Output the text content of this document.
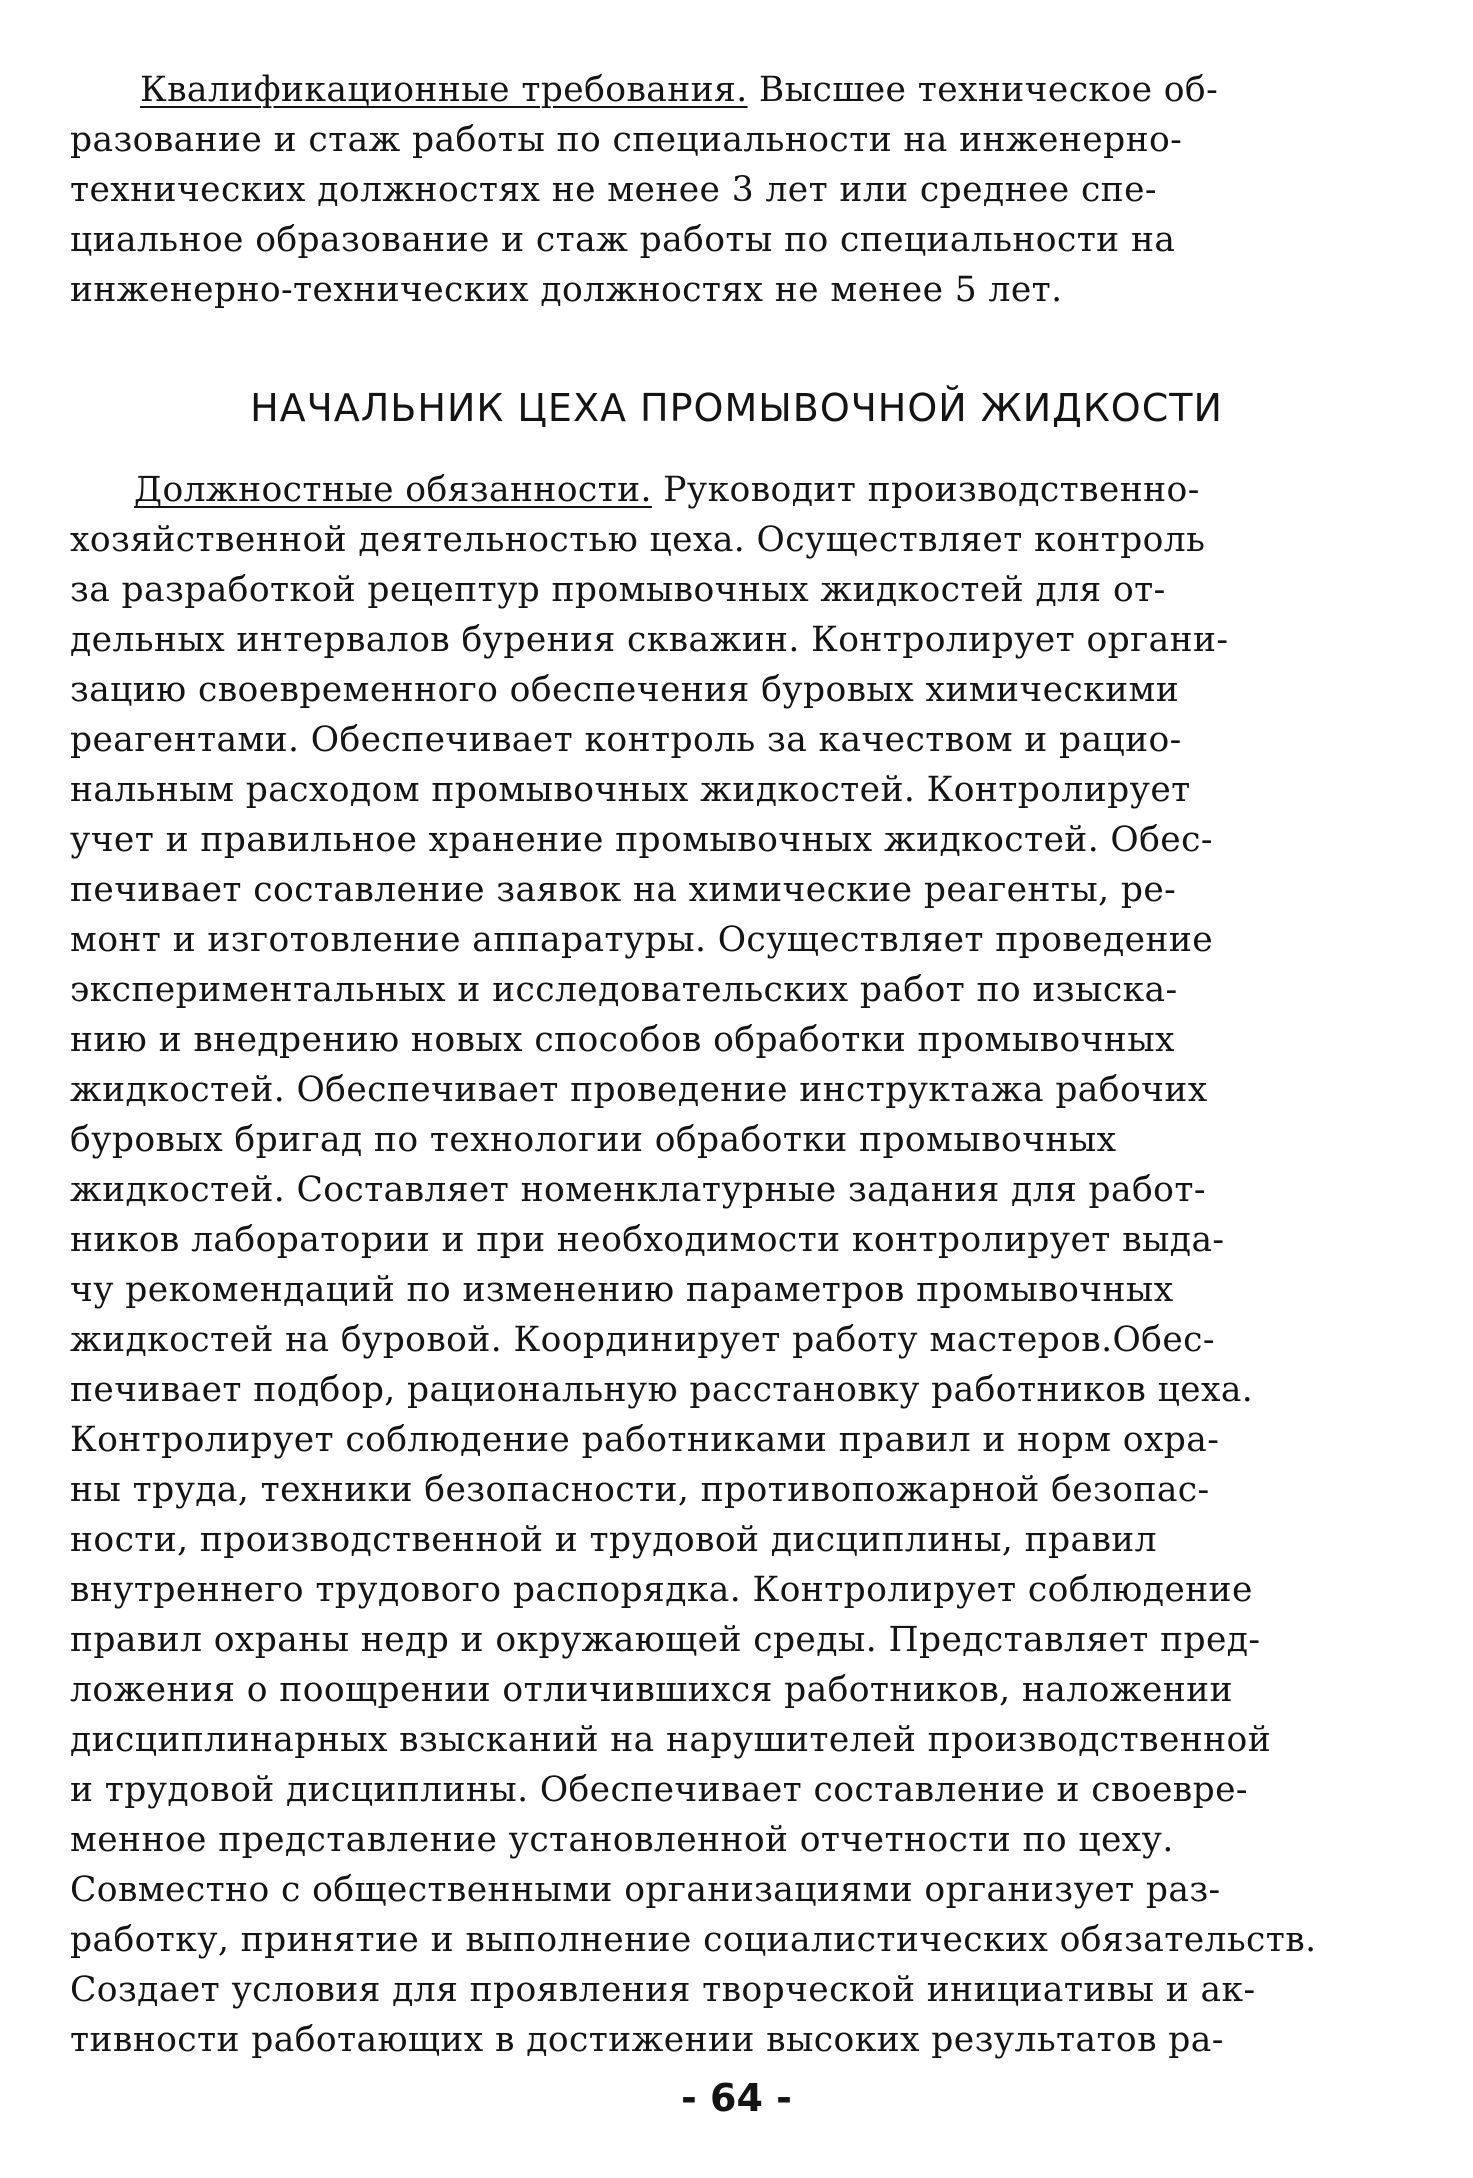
Квалификационные требования. Высшее техническое об-
разование и стаж работы по специальности на инженерно-
технических должностях не менее 3 лет или среднее спе-
циальное образование и стаж работы по специальности на
инженерно-технических должностях не менее 5 лет.
НАЧАЛЬНИК ЦЕХА ПРОМЫВОЧНОЙ ЖИДКОСТИ
Должностные обязанности. Руководит производственно-
хозяйственной деятельностью цеха. Осуществляет контроль
за разработкой рецептур промывочных жидкостей для от-
дельных интервалов бурения скважин. Контролирует органи-
зацию своевременного обеспечения буровых химическими
реагентами. Обеспечивает контроль за качеством и рацио-
нальным расходом промывочных жидкостей. Контролирует
учет и правильное хранение промывочных жидкостей. Обес-
печивает составление заявок на химические реагенты, ре-
монт и изготовление аппаратуры. Осуществляет проведение
экспериментальных и исследовательских работ по изыска-
нию и внедрению новых способов обработки промывочных
жидкостей. Обеспечивает проведение инструктажа рабочих
буровых бригад по технологии обработки промывочных
жидкостей. Составляет номенклатурные задания для работ-
ников лаборатории и при необходимости контролирует выда-
чу рекомендаций по изменению параметров промывочных
жидкостей на буровой. Координирует работу мастеров.Обес-
печивает подбор, рациональную расстановку работников цеха.
Контролирует соблюдение работниками правил и норм охра-
ны труда, техники безопасности, противопожарной безопас-
ности, производственной и трудовой дисциплины, правил
внутреннего трудового распорядка. Контролирует соблюдение
правил охраны недр и окружающей среды. Представляет пред-
ложения о поощрении отличившихся работников, наложении
дисциплинарных взысканий на нарушителей производственной
и трудовой дисциплины. Обеспечивает составление и своевре-
менное представление установленной отчетности по цеху.
Совместно с общественными организациями организует раз-
работку, принятие и выполнение социалистических обязательств.
Создает условия для проявления творческой инициативы и ак-
тивности работающих в достижении высоких результатов ра-
- 64 -
